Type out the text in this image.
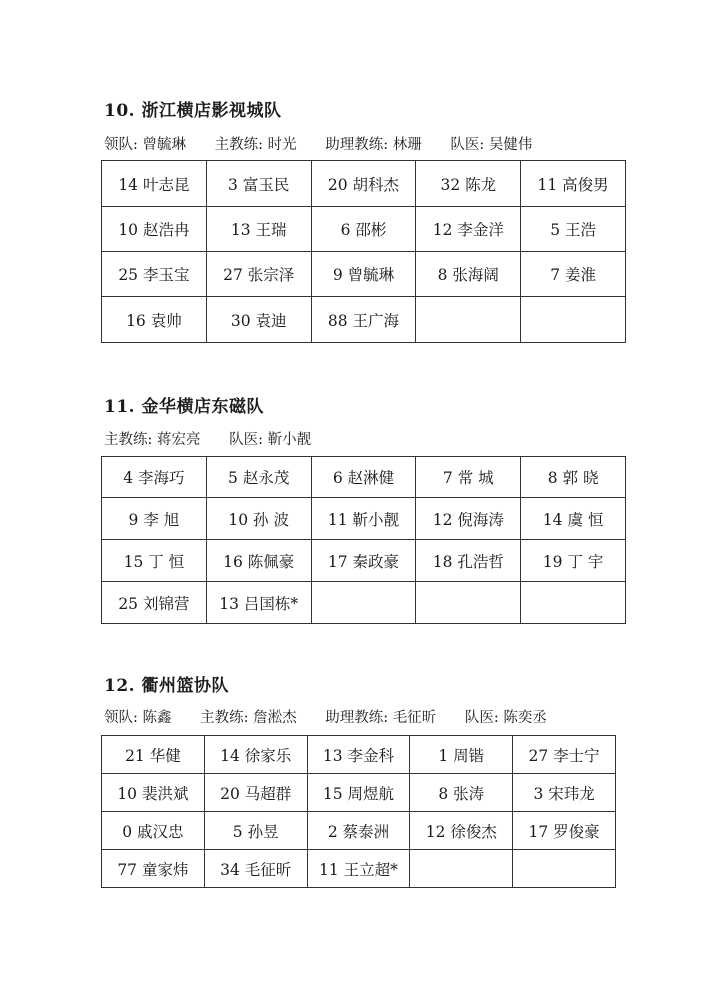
10. 浙江横店影视城队
领队: 曾毓琳 主教练: 时光 助理教练: 林珊 队医: 吴健伟
14 叶志昆	3 富玉民	20 胡科杰	32 陈龙	11 高俊男
10 赵浩冉	13 王瑞	6 邵彬	12 李金洋	5 王浩
25 李玉宝	27 张宗泽	9 曾毓琳	8 张海阔	7 姜淮
16 袁帅	30 袁迪	88 王广海		
11. 金华横店东磁队
主教练: 蒋宏亮 队医: 靳小靓
4 李海巧	5 赵永茂	6 赵淋健	7 常 城	8 郭 晓
9 李 旭	10 孙 波	11 靳小靓	12 倪海涛	14 虞 恒
15 丁 恒	16 陈佩豪	17 秦政豪	18 孔浩哲	19 丁 宇
25 刘锦营	13 吕国栋*			
12. 衢州篮协队
领队: 陈鑫 主教练: 詹淞杰 助理教练: 毛征昕 队医: 陈奕丞
21 华健	14 徐家乐	13 李金科	1 周锴	27 李士宁
10 裴洪斌	20 马超群	15 周煜航	8 张涛	3 宋玮龙
0 戚汉忠	5 孙昱	2 蔡泰洲	12 徐俊杰	17 罗俊豪
77 童家炜	34 毛征昕	11 王立超*		
